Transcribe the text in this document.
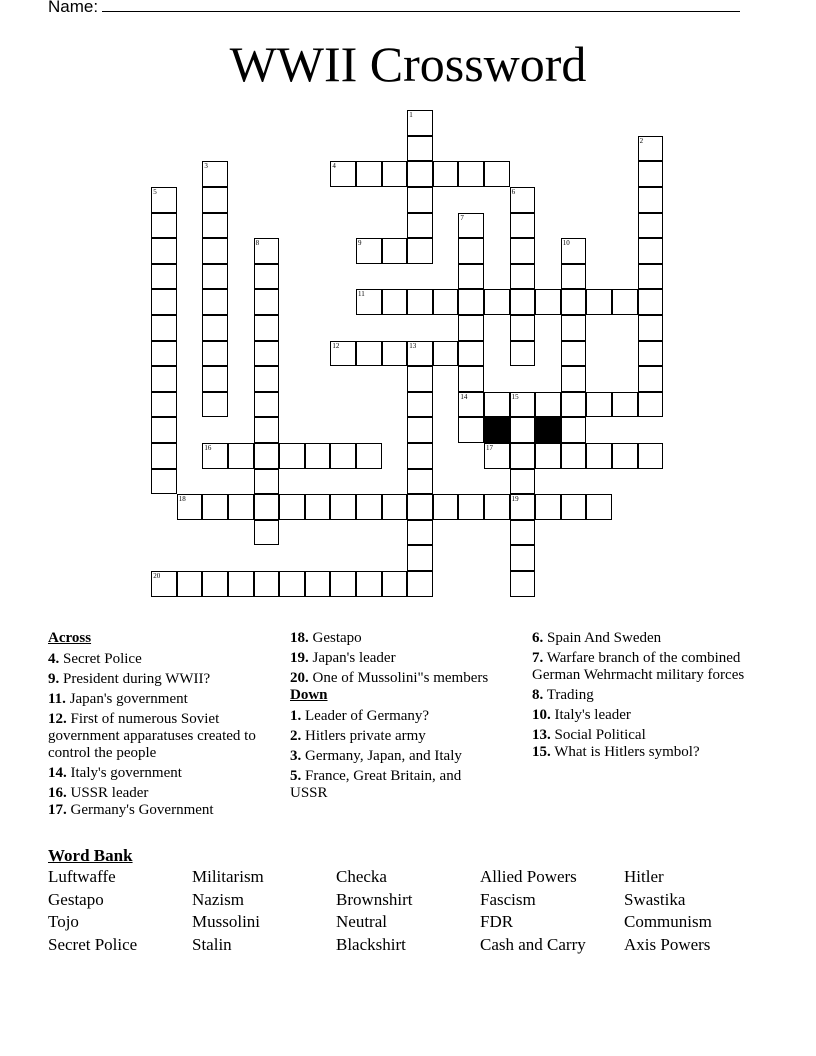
Name:
WWII Crossword
4
9
11
12	13
14	15
16	17
18	19
20
1
2
3
5	6
7
8	10
Across
4. Secret Police
9. President during WWII?
11. Japan's government
12. First of numerous Soviet government apparatuses created to control the people
14. Italy's government
16. USSR leader
17. Germany's Government
18. Gestapo
19. Japan's leader
20. One of Mussolini"s members
Down
1. Leader of Germany?
2. Hitlers private army
3. Germany, Japan, and Italy
5. France, Great Britain, and USSR
6. Spain And Sweden
7. Warfare branch of the combined German Wehrmacht military forces
8. Trading
10. Italy's leader
13. Social Political
15. What is Hitlers symbol?
Word Bank
Luftwaffe	Militarism	Checka	Allied Powers	Hitler
Gestapo	Nazism	Brownshirt	Fascism	Swastika
Tojo	Mussolini	Neutral	FDR	Communism
Secret Police	Stalin	Blackshirt	Cash and Carry	Axis Powers
